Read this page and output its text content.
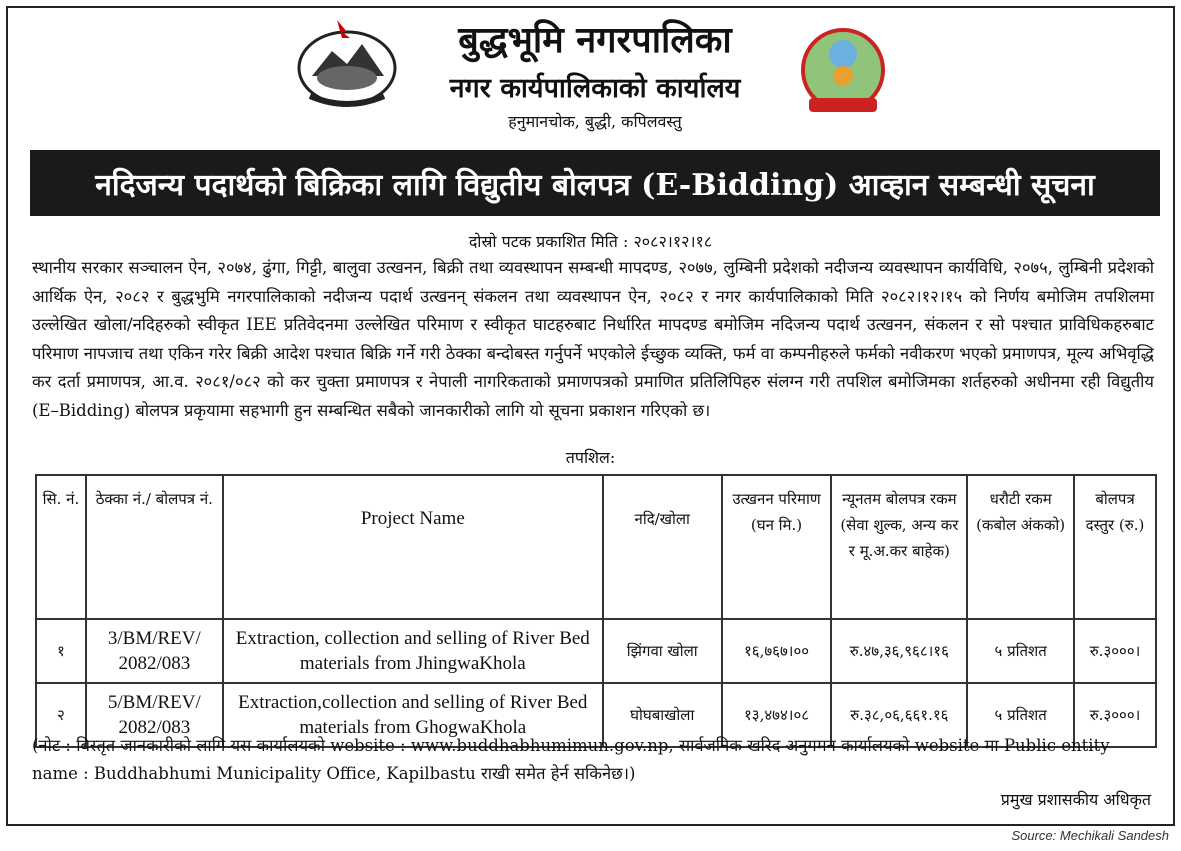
बुद्धभूमि नगरपालिका
नगर कार्यपालिकाको कार्यालय
हनुमानचोक, बुद्धी, कपिलवस्तु
नदिजन्य पदार्थको बिक्रिका लागि विद्युतीय बोलपत्र (E-Bidding) आव्हान सम्बन्धी सूचना
दोस्रो पटक प्रकाशित मिति : २०८२।१२।१८
स्थानीय सरकार सञ्चालन ऐन, २०७४, ढुंगा, गिट्टी, बालुवा उत्खनन, बिक्री तथा व्यवस्थापन सम्बन्धी मापदण्ड, २०७७, लुम्बिनी प्रदेशको नदीजन्य व्यवस्थापन कार्यविधि, २०७५, लुम्बिनी प्रदेशको आर्थिक ऐन, २०८२ र बुद्धभुमि नगरपालिकाको नदीजन्य पदार्थ उत्खनन् संकलन तथा व्यवस्थापन ऐन, २०८२ र नगर कार्यपालिकाको मिति २०८२।१२।१५ को निर्णय बमोजिम तपशिलमा उल्लेखित खोला/नदिहरुको स्वीकृत IEE प्रतिवेदनमा उल्लेखित परिमाण र स्वीकृत घाटहरुबाट निर्धारित मापदण्ड बमोजिम नदिजन्य पदार्थ उत्खनन, संकलन र सो पश्चात प्राविधिकहरुबाट परिमाण नापजाच तथा एकिन गरेर बिक्री आदेश पश्चात बिक्रि गर्ने गरी ठेक्का बन्दोबस्त गर्नुपर्ने भएकोले ईच्छुक व्यक्ति, फर्म वा कम्पनीहरुले फर्मको नवीकरण भएको प्रमाणपत्र, मूल्य अभिवृद्धि कर दर्ता प्रमाणपत्र, आ.व. २०८१/०८२ को कर चुक्ता प्रमाणपत्र र नेपाली नागरिकताको प्रमाणपत्रको प्रमाणित प्रतिलिपिहरु संलग्न गरी तपशिल बमोजिमका शर्तहरुको अधीनमा रही विद्युतीय (E–Bidding) बोलपत्र प्रकृयामा सहभागी हुन सम्बन्धित सबैको जानकारीको लागि यो सूचना प्रकाशन गरिएको छ।
तपशिल:
सि. नं.	ठेक्का नं./ बोलपत्र नं.	Project Name	नदि/खोला	उत्खनन परिमाण (घन मि.)	न्यूनतम बोलपत्र रकम (सेवा शुल्क, अन्य कर र मू.अ.कर बाहेक)	धरौटी रकम (कबोल अंकको)	बोलपत्र दस्तुर (रु.)
१	3/BM/REV/ 2082/083	Extraction, collection and selling of River Bed materials from JhingwaKhola	झिंगवा खोला	१६,७६७।००	रु.४७,३६,९६८।१६	५ प्रतिशत	रु.३०००।
२	5/BM/REV/ 2082/083	Extraction,collection and selling of River Bed materials from GhogwaKhola	घोघबाखोला	१३,४७४।०८	रु.३८,०६,६६१.१६	५ प्रतिशत	रु.३०००।
(नोट : बिस्तृत जानकारीको लागि यस कार्यालयको website : www.buddhabhumimun.gov.np, सार्वजनिक खरिद अनुगमन कार्यालयको website मा Public entity name : Buddhabhumi Municipality Office, Kapilbastu राखी समेत हेर्न सकिनेछ।)
प्रमुख प्रशासकीय अधिकृत
Source: Mechikali Sandesh
